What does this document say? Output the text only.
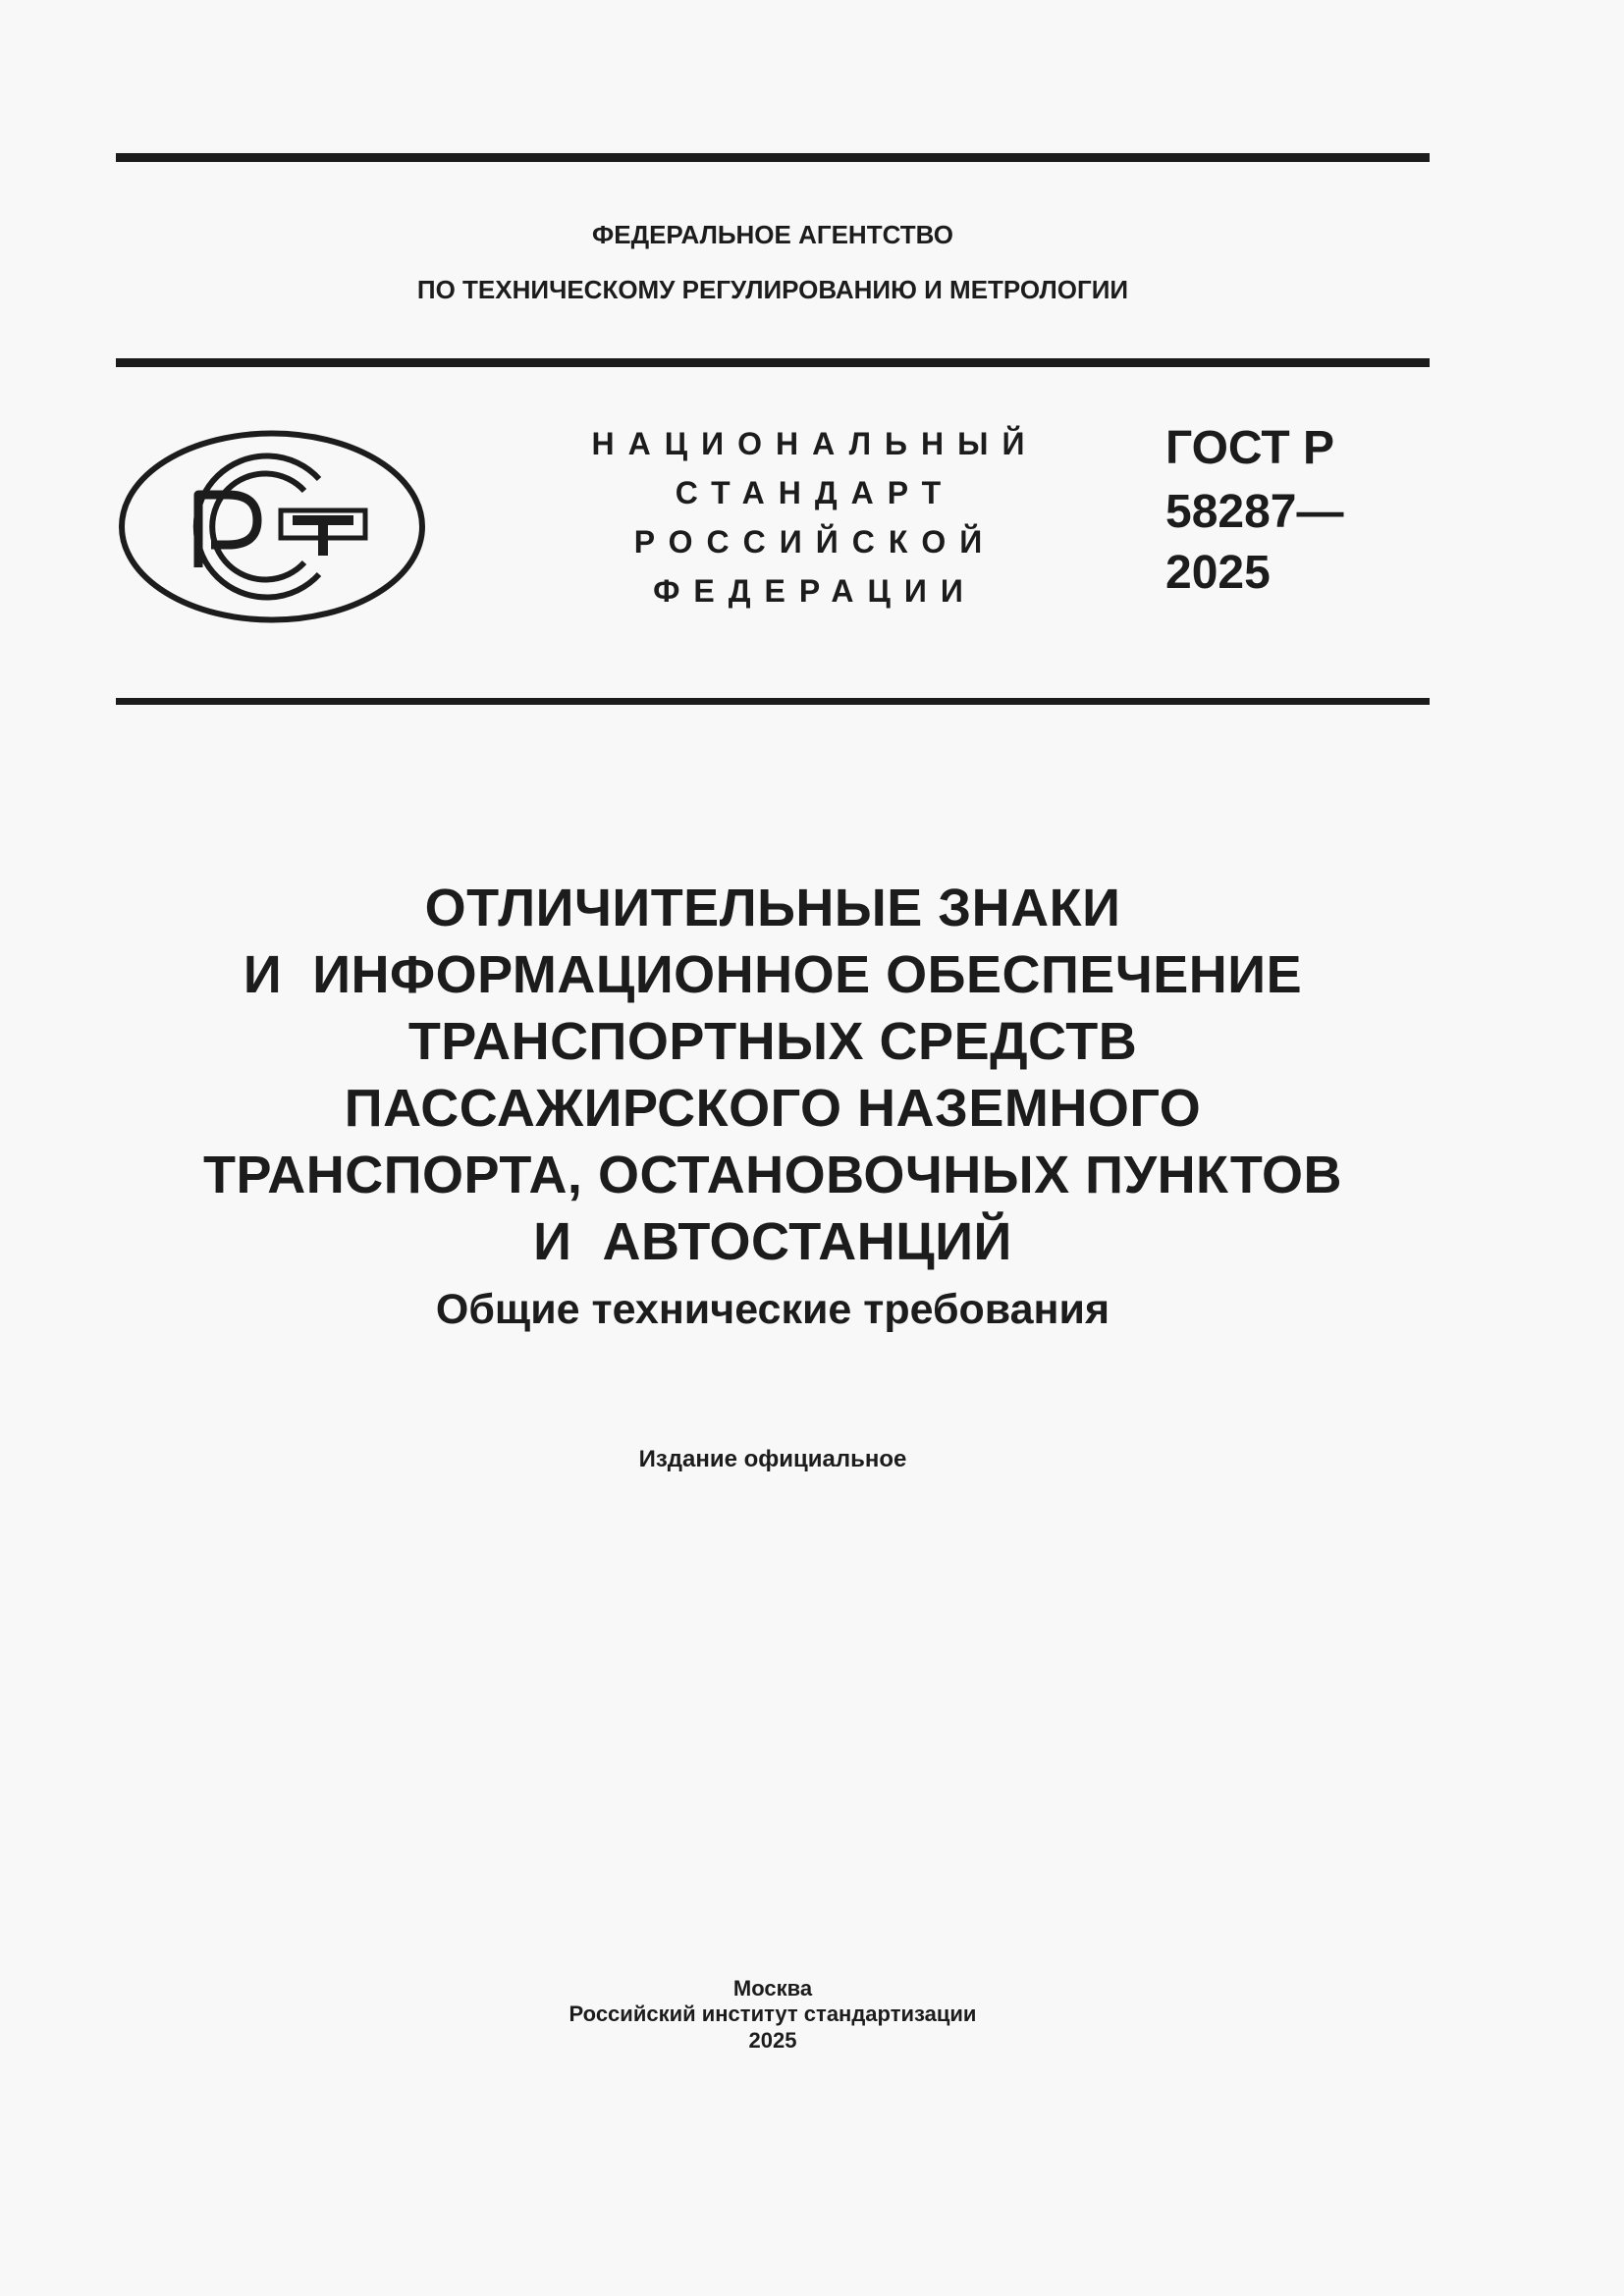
ФЕДЕРАЛЬНОЕ АГЕНТСТВО
ПО ТЕХНИЧЕСКОМУ РЕГУЛИРОВАНИЮ И МЕТРОЛОГИИ
НАЦИОНАЛЬНЫЙ
СТАНДАРТ
РОССИЙСКОЙ
ФЕДЕРАЦИИ
ГОСТ Р
58287—
2025
ОТЛИЧИТЕЛЬНЫЕ ЗНАКИ
И  ИНФОРМАЦИОННОЕ ОБЕСПЕЧЕНИЕ
ТРАНСПОРТНЫХ СРЕДСТВ
ПАССАЖИРСКОГО НАЗЕМНОГО
ТРАНСПОРТА, ОСТАНОВОЧНЫХ ПУНКТОВ
И  АВТОСТАНЦИЙ
Общие технические требования
Издание официальное
Москва
Российский институт стандартизации
2025
